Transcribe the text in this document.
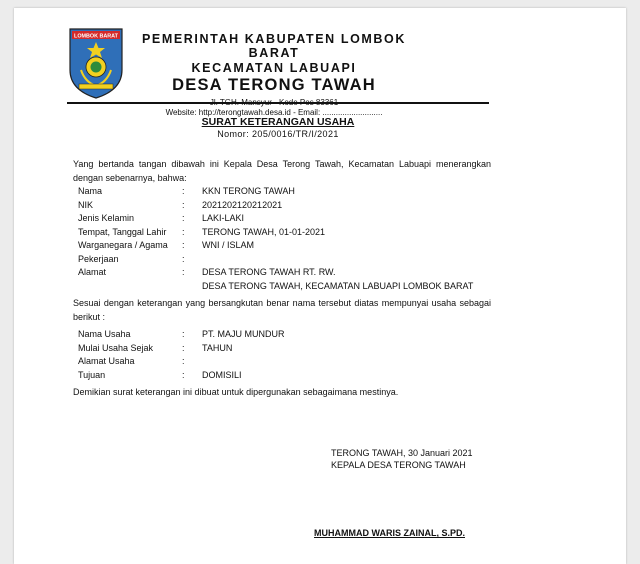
LOMBOK BARAT	PEMERINTAH KABUPATEN LOMBOK BARAT
KECAMATAN LABUAPI
DESA TERONG TAWAH
Jl. TGH. Mansyur - Kode Pos 83361
Website: http://terongtawah.desa.id - Email: ...........................
SURAT KETERANGAN USAHA
Nomor: 205/0016/TR/I/2021
Yang bertanda tangan dibawah ini Kepala Desa Terong Tawah, Kecamatan Labuapi menerangkan dengan sebenarnya, bahwa:
Nama	:	KKN TERONG TAWAH
NIK	:	2021202120212021
Jenis Kelamin	:	LAKI-LAKI
Tempat, Tanggal Lahir	:	TERONG TAWAH, 01-01-2021
Warganegara / Agama	:	WNI / ISLAM
Pekerjaan	:
Alamat	:	DESA TERONG TAWAH RT. RW.
DESA TERONG TAWAH, KECAMATAN LABUAPI LOMBOK BARAT
Sesuai dengan keterangan yang bersangkutan benar nama tersebut diatas mempunyai usaha sebagai berikut :
Nama Usaha	:	PT. MAJU MUNDUR
Mulai Usaha Sejak	:	TAHUN
Alamat Usaha	:
Tujuan	:	DOMISILI
Demikian surat keterangan ini dibuat untuk dipergunakan sebagaimana mestinya.
TERONG TAWAH, 30 Januari 2021
KEPALA DESA TERONG TAWAH
MUHAMMAD WARIS ZAINAL, S.PD.
